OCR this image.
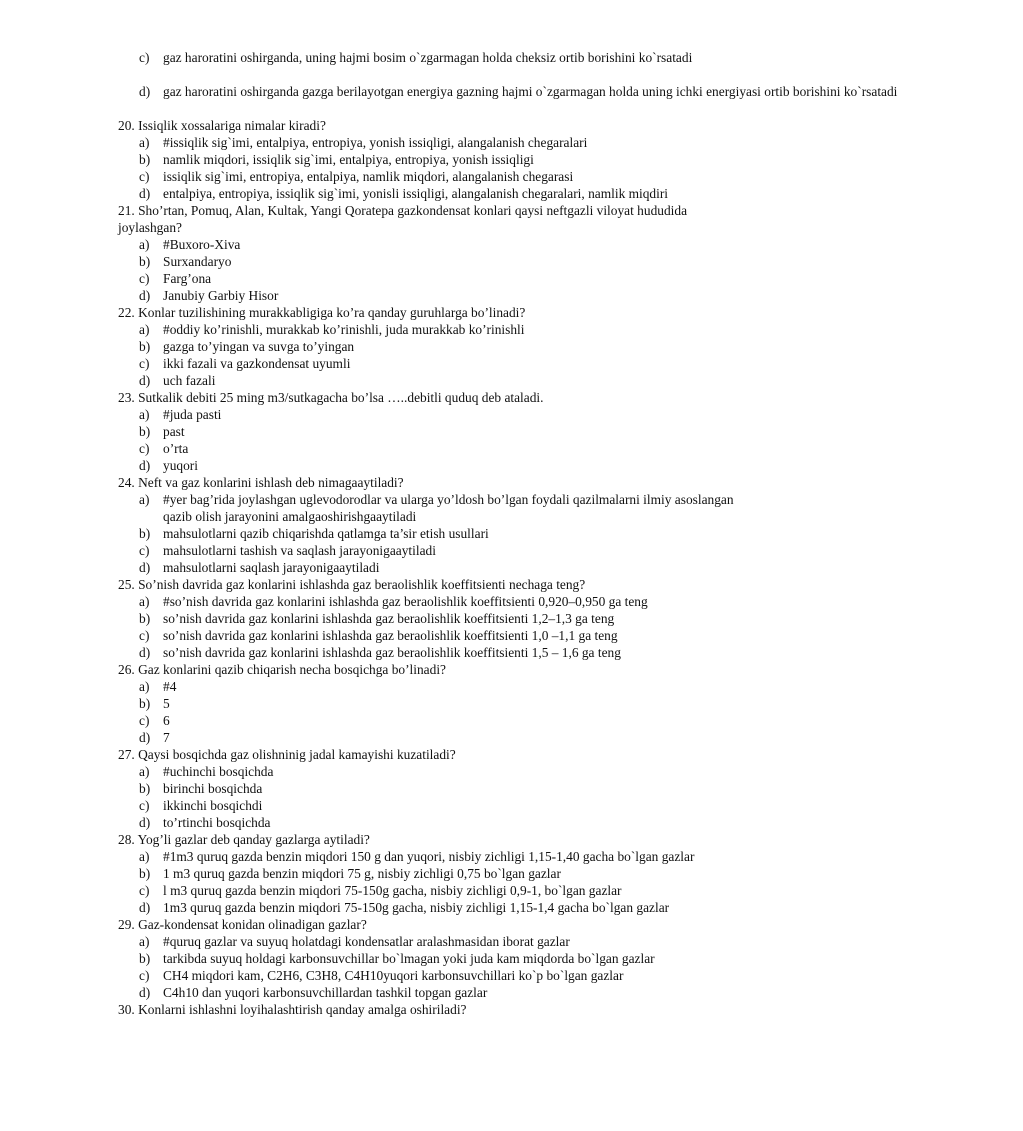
c) gaz haroratini oshirganda, uning hajmi bosim o`zgarmagan holda cheksiz ortib borishini ko`rsatadi
d) gaz haroratini oshirganda gazga berilayotgan energiya gazning hajmi o`zgarmagan holda uning ichki energiyasi ortib borishini ko`rsatadi
20. Issiqlik xossalariga nimalar kiradi?
a) #issiqlik sig`imi, entalpiya, entropiya, yonish issiqligi, alangalanish chegaralari
b) namlik miqdori, issiqlik sig`imi, entalpiya, entropiya, yonish issiqligi
c) issiqlik sig`imi, entropiya, entalpiya, namlik miqdori, alangalanish chegarasi
d) entalpiya, entropiya, issiqlik sig`imi, yonisli issiqligi, alangalanish chegaralari, namlik miqdiri
21. Sho’rtan, Pomuq, Alan, Kultak, Yangi Qoratepa gazkondensat konlari qaysi neftgazli viloyat hududida joylashgan?
a) #Buxoro-Xiva
b) Surxandaryo
c) Farg’ona
d) Janubiy Garbiy Hisor
22. Konlar tuzilishining murakkabligiga ko’ra qanday guruhlarga bo’linadi?
a) #oddiy ko’rinishli, murakkab ko’rinishli, juda murakkab ko’rinishli
b) gazga to’yingan va suvga to’yingan
c) ikki fazali va gazkondensat uyumli
d) uch fazali
23. Sutkalik debiti 25 ming m3/sutkagacha bo’lsa …..debitli quduq deb ataladi.
a) #juda pasti
b) past
c) o’rta
d) yuqori
24. Neft va gaz konlarini ishlash deb nimagaaytiladi?
a) #yer bag’rida joylashgan uglevodorodlar va ularga yo’ldosh bo’lgan foydali qazilmalarni ilmiy asoslangan qazib olish jarayonini amalgaoshirishgaaytiladi
b) mahsulotlarni qazib chiqarishda qatlamga ta’sir etish usullari
c) mahsulotlarni tashish va saqlash jarayonigaaytiladi
d) mahsulotlarni saqlash jarayonigaaytiladi
25. So’nish davrida gaz konlarini ishlashda gaz beraolishlik koeffitsienti nechaga teng?
a) #so’nish davrida gaz konlarini ishlashda gaz beraolishlik koeffitsienti 0,920–0,950 ga teng
b) so’nish davrida gaz konlarini ishlashda gaz beraolishlik koeffitsienti 1,2–1,3 ga teng
c) so’nish davrida gaz konlarini ishlashda gaz beraolishlik koeffitsienti 1,0 –1,1 ga teng
d) so’nish davrida gaz konlarini ishlashda gaz beraolishlik koeffitsienti 1,5 – 1,6 ga teng
26. Gaz konlarini qazib chiqarish necha bosqichga bo’linadi?
a) #4
b) 5
c) 6
d) 7
27. Qaysi bosqichda gaz olishninig jadal kamayishi kuzatiladi?
a) #uchinchi bosqichda
b) birinchi bosqichda
c) ikkinchi bosqichdi
d) to’rtinchi bosqichda
28. Yog’li gazlar deb qanday gazlarga aytiladi?
a) #1m3 quruq gazda benzin miqdori 150 g dan yuqori, nisbiy zichligi 1,15-1,40 gacha bo`lgan gazlar
b) 1 m3 quruq gazda benzin miqdori 75 g, nisbiy zichligi 0,75 bo`lgan gazlar
c) l m3 quruq gazda benzin miqdori 75-150g gacha, nisbiy zichligi 0,9-1, bo`lgan gazlar
d) 1m3 quruq gazda benzin miqdori 75-150g gacha, nisbiy zichligi 1,15-1,4 gacha bo`lgan gazlar
29. Gaz-kondensat konidan olinadigan gazlar?
a) #quruq gazlar va suyuq holatdagi kondensatlar aralashmasidan iborat gazlar
b) tarkibda suyuq holdagi karbonsuvchillar bo`lmagan yoki juda kam miqdorda bo`lgan gazlar
c) CH4 miqdori kam, C2H6, C3H8, C4H10yuqori karbonsuvchillari ko`p bo`lgan gazlar
d) C4h10 dan yuqori karbonsuvchillardan tashkil topgan gazlar
30. Konlarni ishlashni loyihalashtirish qanday amalga oshiriladi?
